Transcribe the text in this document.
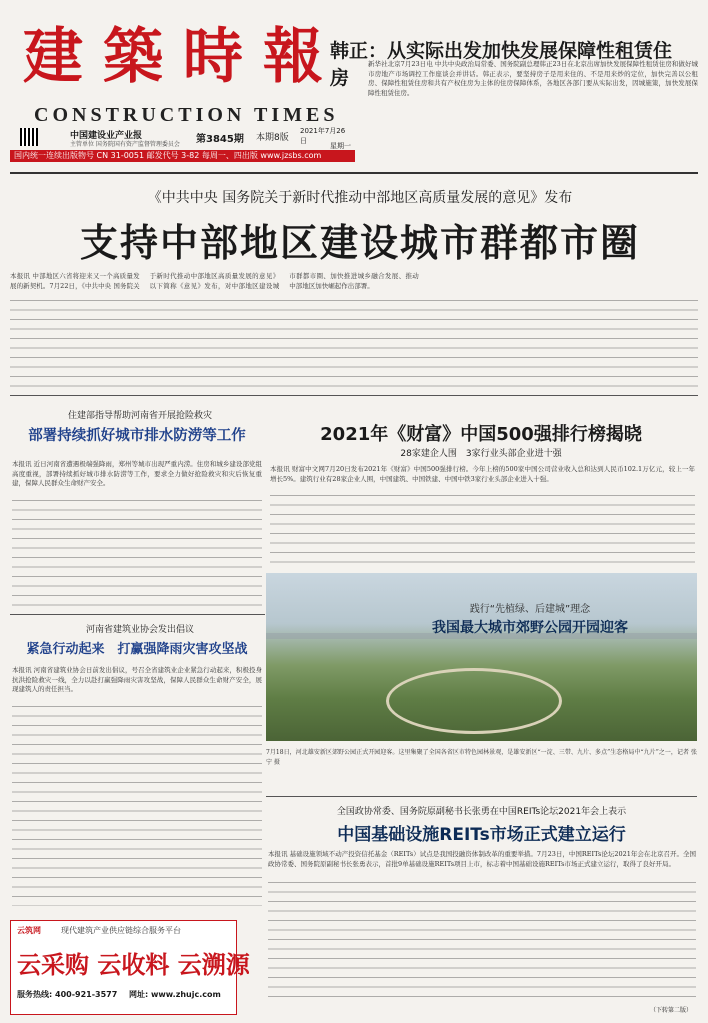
建 築 時 報
CONSTRUCTION TIMES
中国建设业产业报
主管单位 国务院国有资产监督管理委员会 第3845期 本期8版
2021年7月26日
星期一
国内统一连续出版物号 CN 31-0051 邮发代号 3-82 每周一、四出版 www.jzsbs.com
韩正：从实际出发加快发展保障性租赁住房
新华社北京7月23日电 中共中央政治局常委、国务院副总理韩正23日在北京出席加快发展保障性租赁住房和做好城市房地产市场调控工作座谈会并讲话。韩正表示，要坚持房子是用来住的、不是用来炒的定位，加快完善以公租房、保障性租赁住房和共有产权住房为主体的住房保障体系，各地区各部门要从实际出发，因城施策，加快发展保障性租赁住房。
《中共中央 国务院关于新时代推动中部地区高质量发展的意见》发布
支持中部地区建设城市群都市圈
本报讯 中部地区六省将迎来又一个高质量发展的新契机。7月22日，《中共中央 国务院关于新时代推动中部地区高质量发展的意见》以下简称《意见》发布，对中部地区建设城市群都市圈、加快推进城乡融合发展、推动中部地区加快崛起作出部署。
住建部指导帮助河南省开展抢险救灾
部署持续抓好城市排水防涝等工作
本报讯 近日河南省遭遇极端强降雨，郑州等城市出现严重内涝。住房和城乡建设部党组高度重视，部署持续抓好城市排水防涝等工作，要求全力做好抢险救灾和灾后恢复重建，保障人民群众生命财产安全。
河南省建筑业协会发出倡议
紧急行动起来　打赢强降雨灾害攻坚战
本报讯 河南省建筑业协会日前发出倡议，号召全省建筑业企业紧急行动起来，积极投身抗洪抢险救灾一线，全力以赴打赢强降雨灾害攻坚战，保障人民群众生命财产安全，展现建筑人的责任担当。
2021年《财富》中国500强排行榜揭晓
28家建企人围　3家行业头部企业进十强
本报讯 财富中文网7月20日发布2021年《财富》中国500强排行榜。今年上榜的500家中国公司营业收入总和达到人民币102.1万亿元，较上一年增长5%。建筑行业有28家企业人围，中国建筑、中国铁建、中国中铁3家行业头部企业进入十强。
践行“先植绿、后建城”理念
我国最大城市郊野公园开园迎客
7月18日，河北雄安新区郊野公园正式开园迎客。这里集聚了全国各省区市特色园林景观，是雄安新区“一淀、三带、九片、多点”生态格局中“九片”之一，记者 张宁 摄
全国政协常委、国务院原副秘书长张勇在中国REITs论坛2021年会上表示
中国基础设施REITs市场正式建立运行
本报讯 基础设施领域不动产投资信托基金（REITs）试点是我国投融资体制改革的重要举措。7月23日，中国REITs论坛2021年会在北京召开。全国政协常委、国务院原副秘书长张勇表示，首批9单基础设施REITs项目上市，标志着中国基础设施REITs市场正式建立运行，取得了良好开局。
（下转第二版）
云筑网	现代建筑产业供应链综合服务平台
云采购 云收料 云溯源
服务热线: 400-921-3577 网址: www.zhujc.com
